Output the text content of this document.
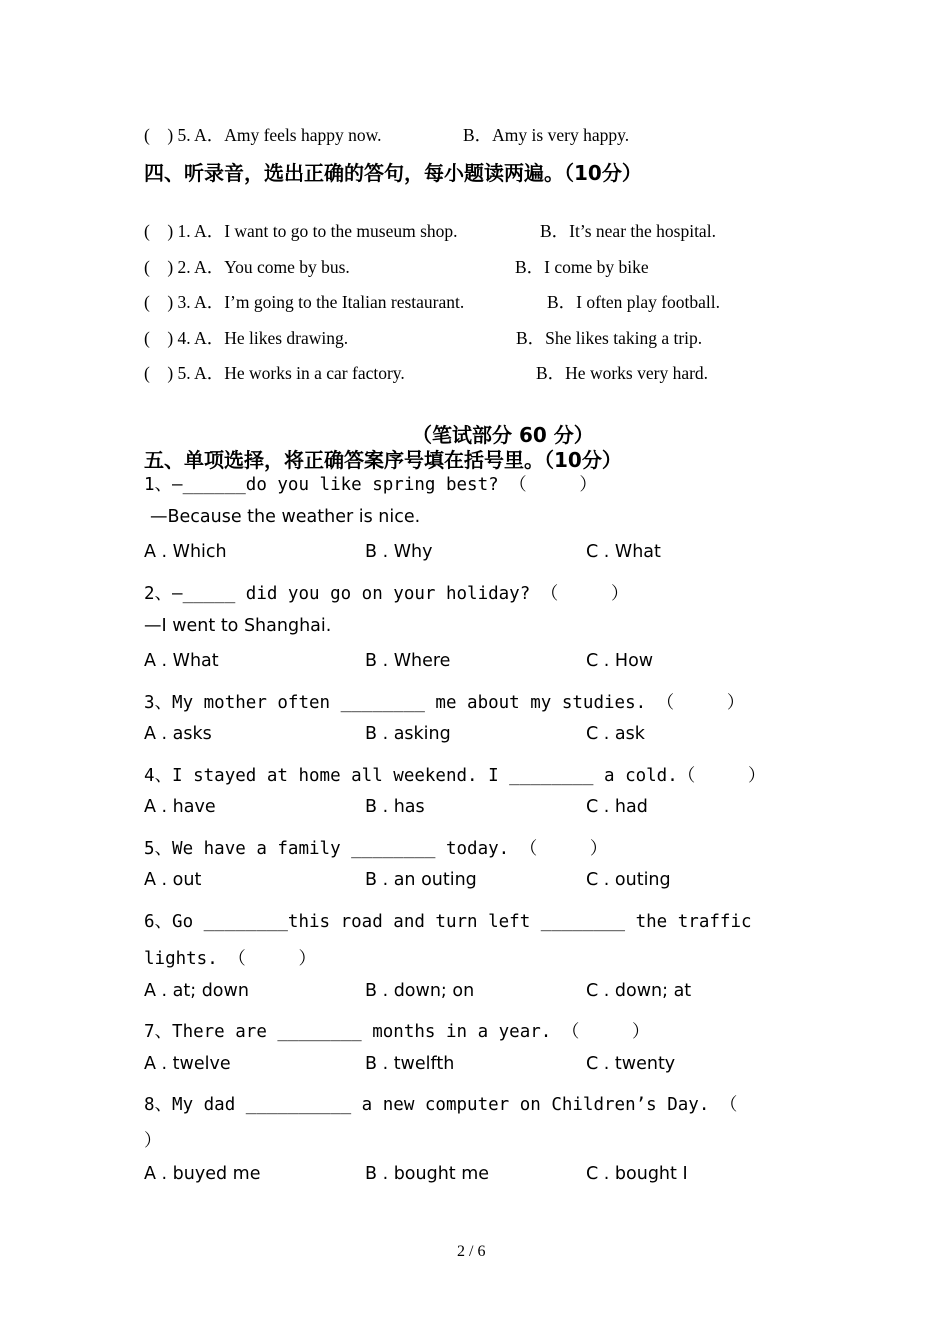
(    ) 5. A．Amy feels happy now.	B．Amy is very happy.
四、听录音，选出正确的答句，每小题读两遍。（10分）
(    ) 1. A．I want to go to the museum shop.	B．It’s near the hospital.
(    ) 2. A．You come by bus.	B．I come by bike
(    ) 3. A．I’m going to the Italian restaurant.	B．I often play football.
(    ) 4. A．He likes drawing.	B．She likes taking a trip.
(    ) 5. A．He works in a car factory.	B．He works very hard.
（笔试部分 60 分）
五、单项选择，将正确答案序号填在括号里。（10分）
1、—______do you like spring best? （     ）
—Because the weather is nice.
A . Which	B . Why	C . What
2、—_____ did you go on your holiday? （     ）
—I went to Shanghai.
A . What	B . Where	C . How
3、My mother often ________ me about my studies. （     ）
A . asks	B . asking	C . ask
4、I stayed at home all weekend. I ________ a cold.（     ）
A . have	B . has	C . had
5、We have a family ________ today. （     ）
A . out	B . an outing	C . outing
6、Go ________this road and turn left ________ the traffic
lights. （     ）
A . at; down	B . down; on	C . down; at
7、There are ________ months in a year. （     ）
A . twelve	B . twelfth	C . twenty
8、My dad __________ a new computer on Children’s Day. （
）
A . buyed me	B . bought me	C . bought I
2 / 6
